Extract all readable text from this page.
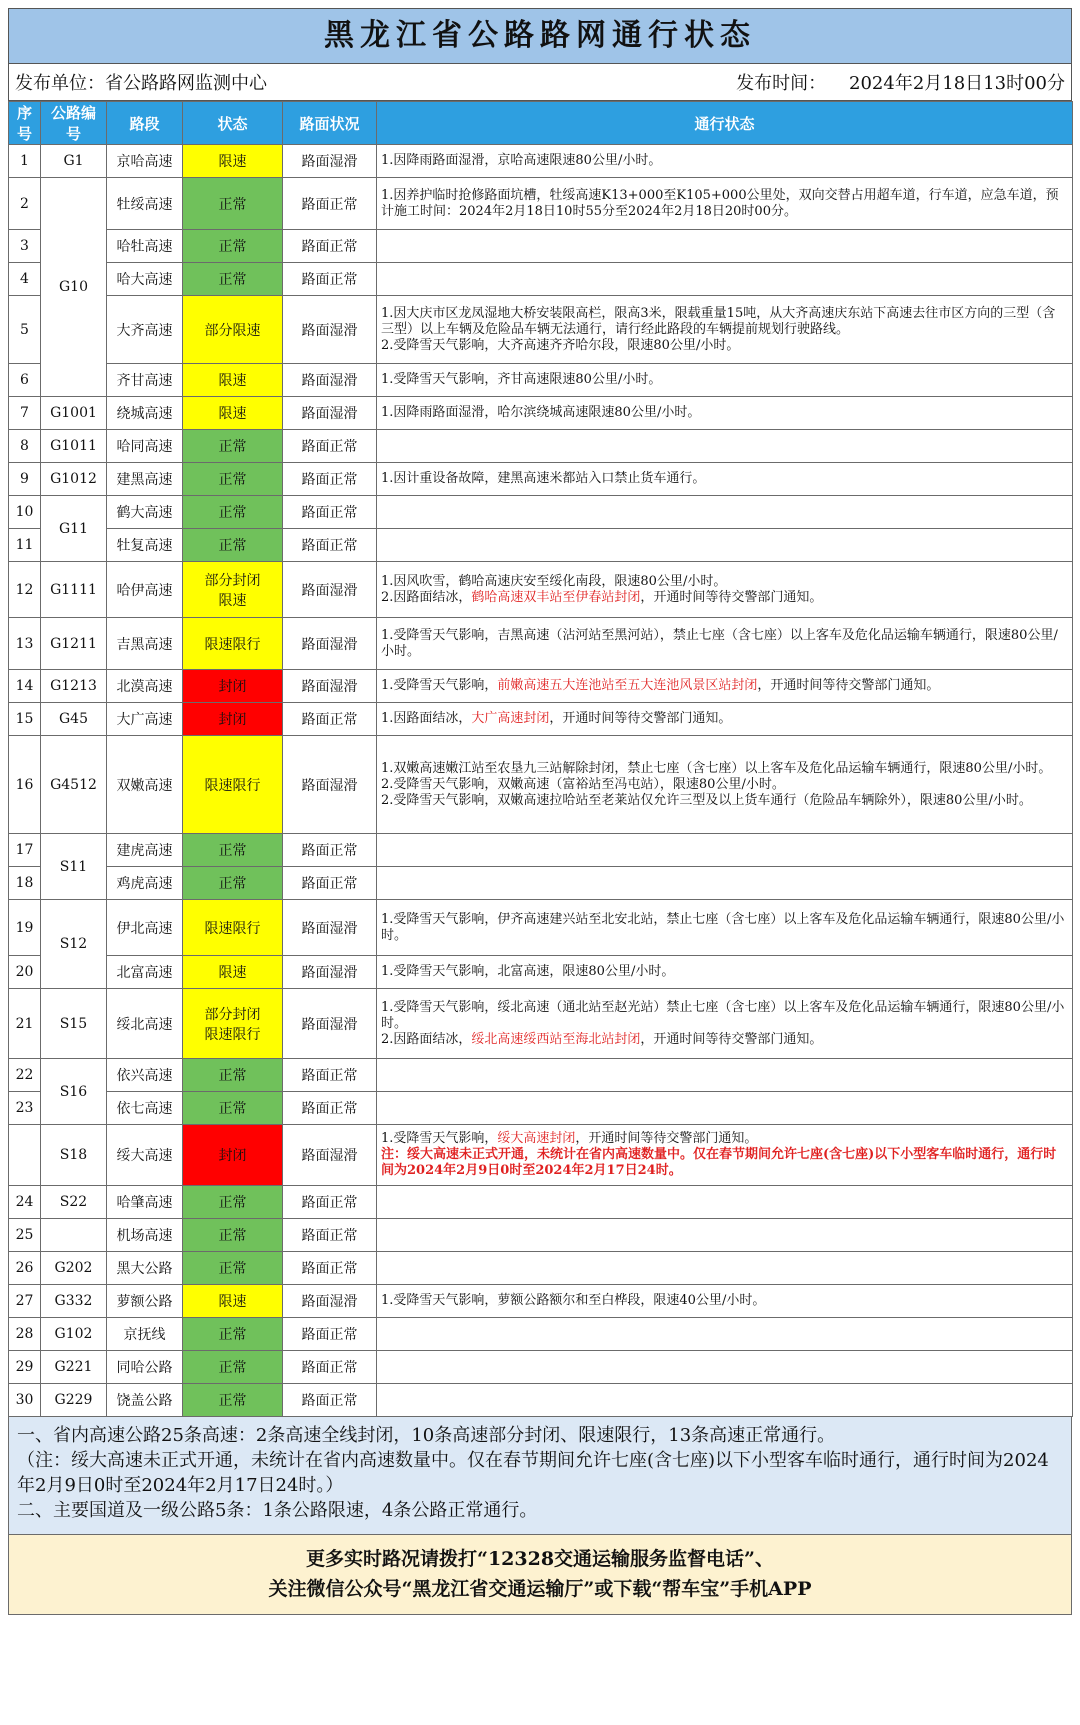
黑龙江省公路路网通行状态
发布单位：省公路路网监测中心	发布时间： 2024年2月18日13时00分
序号	公路编号	路段	状态	路面状况	通行状态
1	G1	京哈高速	限速	路面湿滑	1.因降雨路面湿滑，京哈高速限速80公里/小时。

2	G10	牡绥高速	正常	路面正常	1.因养护临时抢修路面坑槽，牡绥高速K13+000至K105+000公里处，双向交替占用超车道，行车道，应急车道，预计施工时间：2024年2月18日10时55分至2024年2月18日20时00分。

3		哈牡高速	正常	路面正常	
4		哈大高速	正常	路面正常	
5		大齐高速	部分限速	路面湿滑	1.因大庆市区龙凤湿地大桥安装限高栏，限高3米，限载重量15吨，从大齐高速庆东站下高速去往市区方向的三型（含三型）以上车辆及危险品车辆无法通行，请行经此路段的车辆提前规划行驶路线。
2.受降雪天气影响，大齐高速齐齐哈尔段，限速80公里/小时。

6		齐甘高速	限速	路面湿滑	1.受降雪天气影响，齐甘高速限速80公里/小时。

7	G1001	绕城高速	限速	路面湿滑	1.因降雨路面湿滑，哈尔滨绕城高速限速80公里/小时。

8	G1011	哈同高速	正常	路面正常	
9	G1012	建黑高速	正常	路面正常	1.因计重设备故障，建黑高速米都站入口禁止货车通行。

10	G11	鹤大高速	正常	路面正常	
11		牡复高速	正常	路面正常	
12	G1111	哈伊高速	部分封闭
限速	路面湿滑	1.因风吹雪，鹤哈高速庆安至绥化南段，限速80公里/小时。
2.因路面结冰，鹤哈高速双丰站至伊春站封闭，开通时间等待交警部门通知。

13	G1211	吉黑高速	限速限行	路面湿滑	1.受降雪天气影响，吉黑高速（沾河站至黑河站），禁止七座（含七座）以上客车及危化品运输车辆通行，限速80公里/小时。

14	G1213	北漠高速	封闭	路面湿滑	1.受降雪天气影响，前嫩高速五大连池站至五大连池风景区站封闭，开通时间等待交警部门通知。
15	G45	大广高速	封闭	路面正常	1.因路面结冰，大广高速封闭，开通时间等待交警部门通知。
16	G4512	双嫩高速	限速限行	路面湿滑	1.双嫩高速嫩江站至农垦九三站解除封闭，禁止七座（含七座）以上客车及危化品运输车辆通行，限速80公里/小时。
2.受降雪天气影响，双嫩高速（富裕站至冯屯站），限速80公里/小时。
2.受降雪天气影响，双嫩高速拉哈站至老莱站仅允许三型及以上货车通行（危险品车辆除外），限速80公里/小时。

17	S11	建虎高速	正常	路面正常	
18		鸡虎高速	正常	路面正常	
19	S12	伊北高速	限速限行	路面湿滑	1.受降雪天气影响，伊齐高速建兴站至北安北站，禁止七座（含七座）以上客车及危化品运输车辆通行，限速80公里/小时。

20		北富高速	限速	路面湿滑	1.受降雪天气影响，北富高速，限速80公里/小时。

21	S15	绥北高速	部分封闭
限速限行	路面湿滑	1.受降雪天气影响，绥北高速（通北站至赵光站）禁止七座（含七座）以上客车及危化品运输车辆通行，限速80公里/小时。
2.因路面结冰，绥北高速绥西站至海北站封闭，开通时间等待交警部门通知。

22	S16	依兴高速	正常	路面正常	
23		依七高速	正常	路面正常	
	S18	绥大高速	封闭	路面湿滑	1.受降雪天气影响，绥大高速封闭，开通时间等待交警部门通知。
注：绥大高速未正式开通，未统计在省内高速数量中。仅在春节期间允许七座(含七座)以下小型客车临时通行，通行时间为2024年2月9日0时至2024年2月17日24时。

24	S22	哈肇高速	正常	路面正常	
25		机场高速	正常	路面正常	
26	G202	黑大公路	正常	路面正常	
27	G332	萝额公路	限速	路面湿滑	1.受降雪天气影响，萝额公路额尔和至白桦段，限速40公里/小时。

28	G102	京抚线	正常	路面正常	
29	G221	同哈公路	正常	路面正常	
30	G229	饶盖公路	正常	路面正常	
一、省内高速公路25条高速：2条高速全线封闭，10条高速部分封闭、限速限行，13条高速正常通行。
（注：绥大高速未正式开通，未统计在省内高速数量中。仅在春节期间允许七座(含七座)以下小型客车临时通行，通行时间为2024年2月9日0时至2024年2月17日24时。）
二、主要国道及一级公路5条：1条公路限速，4条公路正常通行。
更多实时路况请拨打“12328交通运输服务监督电话”、
关注微信公众号“黑龙江省交通运输厅”或下载“帮车宝”手机APP
